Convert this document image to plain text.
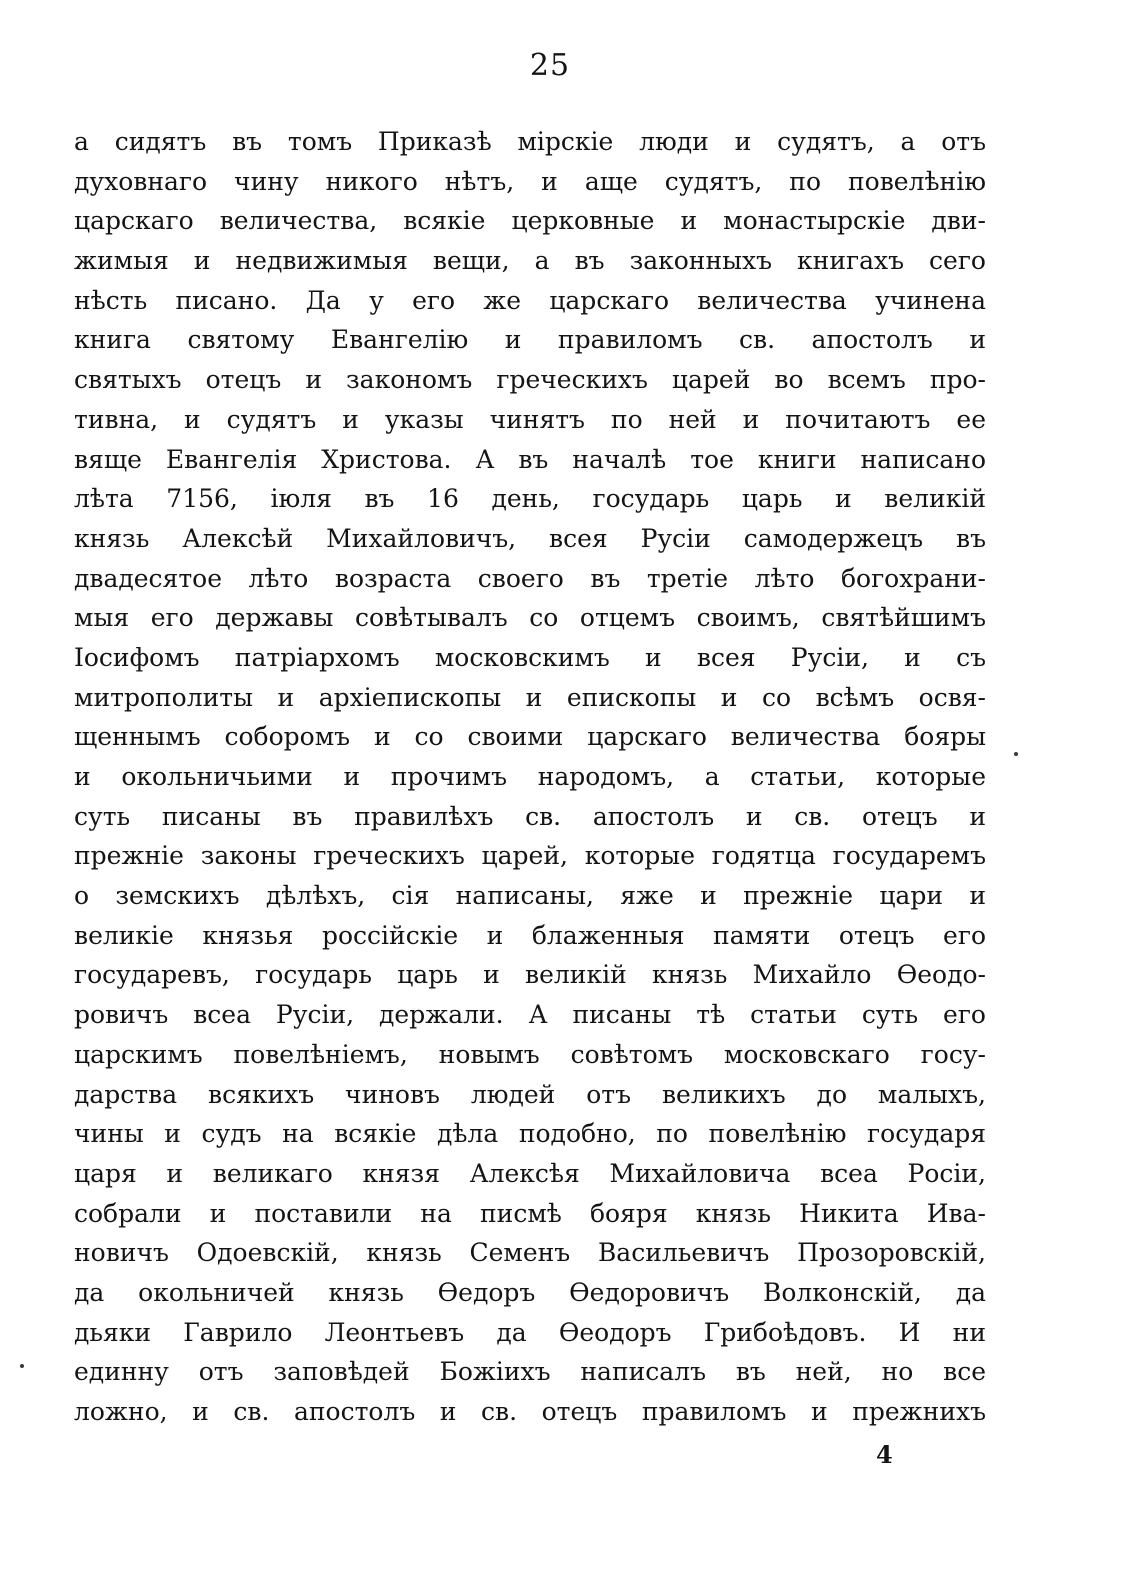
25
а сидятъ въ томъ Приказѣ мірскіе люди и судятъ, а отъ
духовнаго чину никого нѣтъ, и аще судятъ, по повелѣнію
царскаго величества, всякіе церковные и монастырскіе дви-
жимыя и недвижимыя вещи, а въ законныхъ книгахъ сего
нѣсть писано. Да у его же царскаго величества учинена
книга святому Евангелію и правиломъ св. апостолъ и
святыхъ отецъ и закономъ греческихъ царей во всемъ про-
тивна, и судятъ и указы чинятъ по ней и почитаютъ ее
вяще Евангелія Христова. А въ началѣ тое книги написано
лѣта 7156, іюля въ 16 день, государь царь и великій
князь Алексѣй Михайловичъ, всея Русіи самодержецъ въ
двадесятое лѣто возраста своего въ третіе лѣто богохрани-
мыя его державы совѣтывалъ со отцемъ своимъ, святѣйшимъ
Іосифомъ патріархомъ московскимъ и всея Русіи, и съ
митрополиты и архіепископы и епископы и со всѣмъ освя-
щеннымъ соборомъ и со своими царскаго величества бояры
и окольничьими и прочимъ народомъ, а статьи, которые
суть писаны въ правилѣхъ св. апостолъ и св. отецъ и
прежніе законы греческихъ царей, которые годятца государемъ
о земскихъ дѣлѣхъ, сія написаны, яже и прежніе цари и
великіе князья россійскіе и блаженныя памяти отецъ его
государевъ, государь царь и великій князь Михайло Ѳеодо-
ровичъ всеа Русіи, держали. А писаны тѣ статьи суть его
царскимъ повелѣніемъ, новымъ совѣтомъ московскаго госу-
дарства всякихъ чиновъ людей отъ великихъ до малыхъ,
чины и судъ на всякіе дѣла подобно, по повелѣнію государя
царя и великаго князя Алексѣя Михайловича всеа Росіи,
собрали и поставили на писмѣ бояря князь Никита Ива-
новичъ Одоевскій, князь Семенъ Васильевичъ Прозоровскій,
да окольничей князь Ѳедоръ Ѳедоровичъ Волконскій, да
дьяки Гаврило Леонтьевъ да Ѳеодоръ Грибоѣдовъ. И ни
единну отъ заповѣдей Божіихъ написалъ въ ней, но все
ложно, и св. апостолъ и св. отецъ правиломъ и прежнихъ
4
